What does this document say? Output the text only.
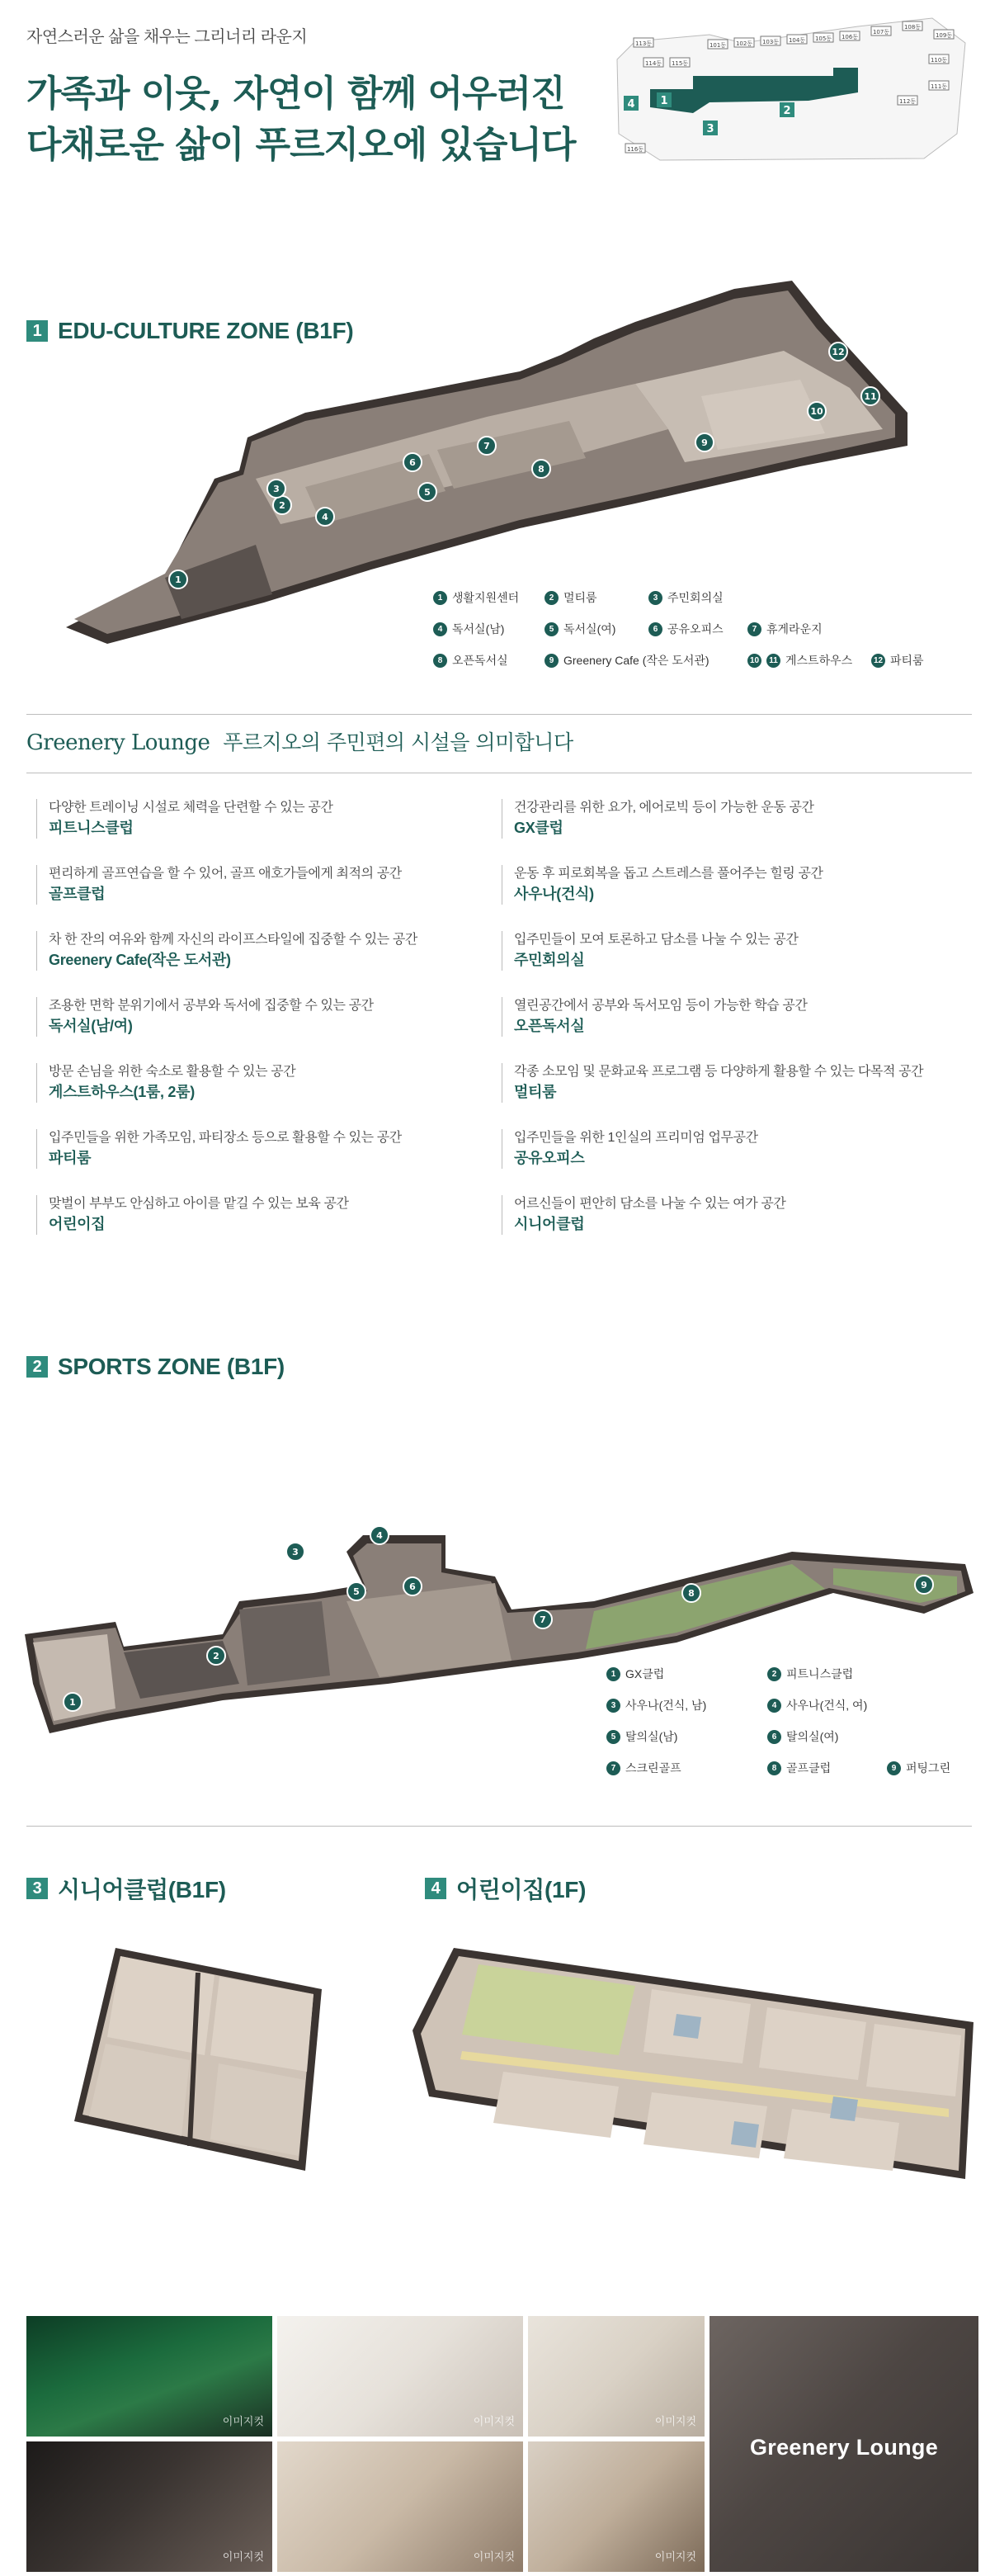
자연스러운 삶을 채우는 그리너리 라운지
가족과 이웃, 자연이 함께 어우러진
다채로운 삶이 푸르지오에 있습니다
101동 102동 103동 104동 105동 106동
107동
108동
109동
110동
111동
112동
113동
114동 115동
116동
1
2
3
4
1 EDU-CULTURE ZONE (B1F)
1
2
3
4
5
6
7
8
9
10
11
12
1 생활지원센터	2 멀티룸	3 주민회의실
4 독서실(남)	5 독서실(여)	6 공유오피스	7 휴게라운지
8 오픈독서실	9 Greenery Cafe (작은 도서관)	10	11 게스트하우스	12 파티룸
Greenery Lounge 푸르지오의 주민편의 시설을 의미합니다
다양한 트레이닝 시설로 체력을 단련할 수 있는 공간
피트니스클럽
건강관리를 위한 요가, 에어로빅 등이 가능한 운동 공간
GX클럽
편리하게 골프연습을 할 수 있어, 골프 애호가들에게 최적의 공간
골프클럽
운동 후 피로회복을 돕고 스트레스를 풀어주는 힐링 공간
사우나(건식)
차 한 잔의 여유와 함께 자신의 라이프스타일에 집중할 수 있는 공간
Greenery Cafe(작은 도서관)
입주민들이 모여 토론하고 담소를 나눌 수 있는 공간
주민회의실
조용한 면학 분위기에서 공부와 독서에 집중할 수 있는 공간
독서실(남/여)
열린공간에서 공부와 독서모임 등이 가능한 학습 공간
오픈독서실
방문 손님을 위한 숙소로 활용할 수 있는 공간
게스트하우스(1룸, 2룸)
각종 소모임 및 문화교육 프로그램 등 다양하게 활용할 수 있는 다목적 공간
멀티룸
입주민들을 위한 가족모임, 파티장소 등으로 활용할 수 있는 공간
파티룸
입주민들을 위한 1인실의 프리미엄 업무공간
공유오피스
맞벌이 부부도 안심하고 아이를 맡길 수 있는 보육 공간
어린이집
어르신들이 편안히 담소를 나눌 수 있는 여가 공간
시니어클럽
2 SPORTS ZONE (B1F)
1
2
3
4
5	6
7
8
9
1 GX클럽	2 피트니스클럽
3 사우나(건식, 남)	4 사우나(건식, 여)
5 탈의실(남)	6 탈의실(여)
7 스크린골프	8 골프클럽	9 퍼팅그린
3 시니어클럽(B1F)	4 어린이집(1F)
이미지컷	이미지컷	이미지컷
이미지컷	이미지컷	이미지컷
Greenery Lounge
